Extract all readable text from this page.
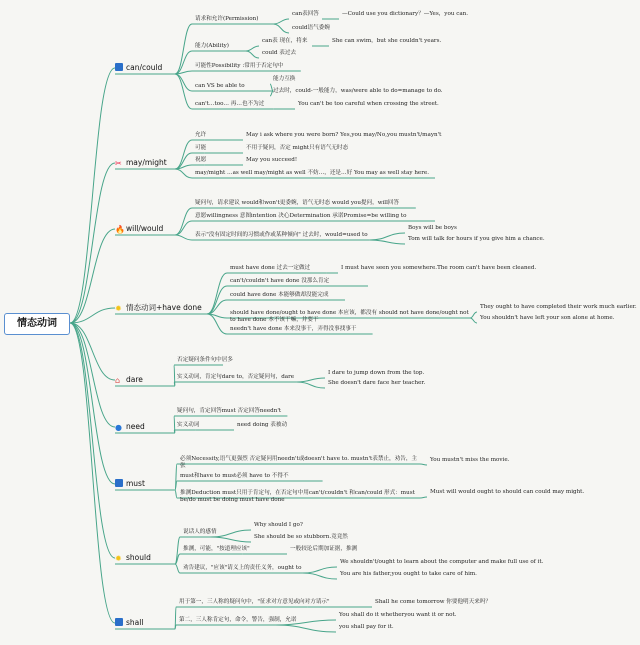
情态动词
can/could
请求和允许(Permission)
can表回答	—Could use you dictionary？—Yes，you can.
could语气委婉
能力(Ability)
can表 现在，将来	She can swim，but she couldn't years.
could 表过去
可能性Possibility :常用于否定句中
can VS be able to
能力互换
过去时，could-一般能力，was/were able to do=manage to do.
can't…too… 再…也不为过	You can't be too careful when crossing the street.
✂ may/might
允许	May i ask where you were born? Yes,you may/No,you mustn't/mayn't
可能	不用于疑问，否定 might只有语气无时态
祝愿	May you succeed!
may/might …as well may/might as well 不妨…，还是…好 You may as well stay here.
🔥will/would
疑问句，请求建议 would和won't更委婉，语气无时态 would you提问，will回答
意愿willingness 意图intention 决心Determination 承诺Promise=be willing to
表示"没有固定时间的习惯或作或某种倾向" 过去时，would=used to
Boys will be boys
Tom will talk for hours if you give him a chance.
✹ 情态动词+have done
must have done 过去一定做过	I must have seen you somewhere.The room can't have been cleaned.
can't/couldn't have done 没那么肯定
could have done 本能够做却没能完成
should have done/ought to have done 本应该，都没有 should not have done/ought not to have done 本不该干嘛，并要干
They ought to have completed their work much earlier.
You shouldn't have left your son alone at home.
needn't have done 本来没事干，弄得没事找事干
⌂ dare
否定疑问条件句中居多
实义动词，肯定句dare to，否定疑问句，dare
I dare to jump down from the top.
She doesn't dare face her teacher.
● need
疑问句，肯定回答must 否定回答needn't
实义动词	need doing 表被动
must
必须Necessity,语气更强烈 否定疑问用needn't或doesn't have to. mustn't表禁止，劝告，主张
You mustn't miss the movie.
must和have to must必须 have to 不得不
推测Deduction must只用于肯定句，在否定句中用can't/couldn't 和can/could 形式：must be/do must be doing must have done
Must will would ought to should can could may might.
✹ should
说话人的感情
Why should I go?
She should be so stubborn.竟竟然
推测，可能，"按道理应该"	一般较论后期加证据，推测
劝告建议，"应该"请义上的责任义务，ought to
We shouldn't/ought to learn about the computer and make full use of it.
You are his father,you ought to take care of him.
shall
用于第一，三人称的疑问句中，"征求对方意见或向对方请示"	Shall he come tomorrow 你要他明天来吗？
第二，三人称肯定句，命令，警告，强制，允诺
You shall do it whetheryou want it or not.
you shall pay for it.
